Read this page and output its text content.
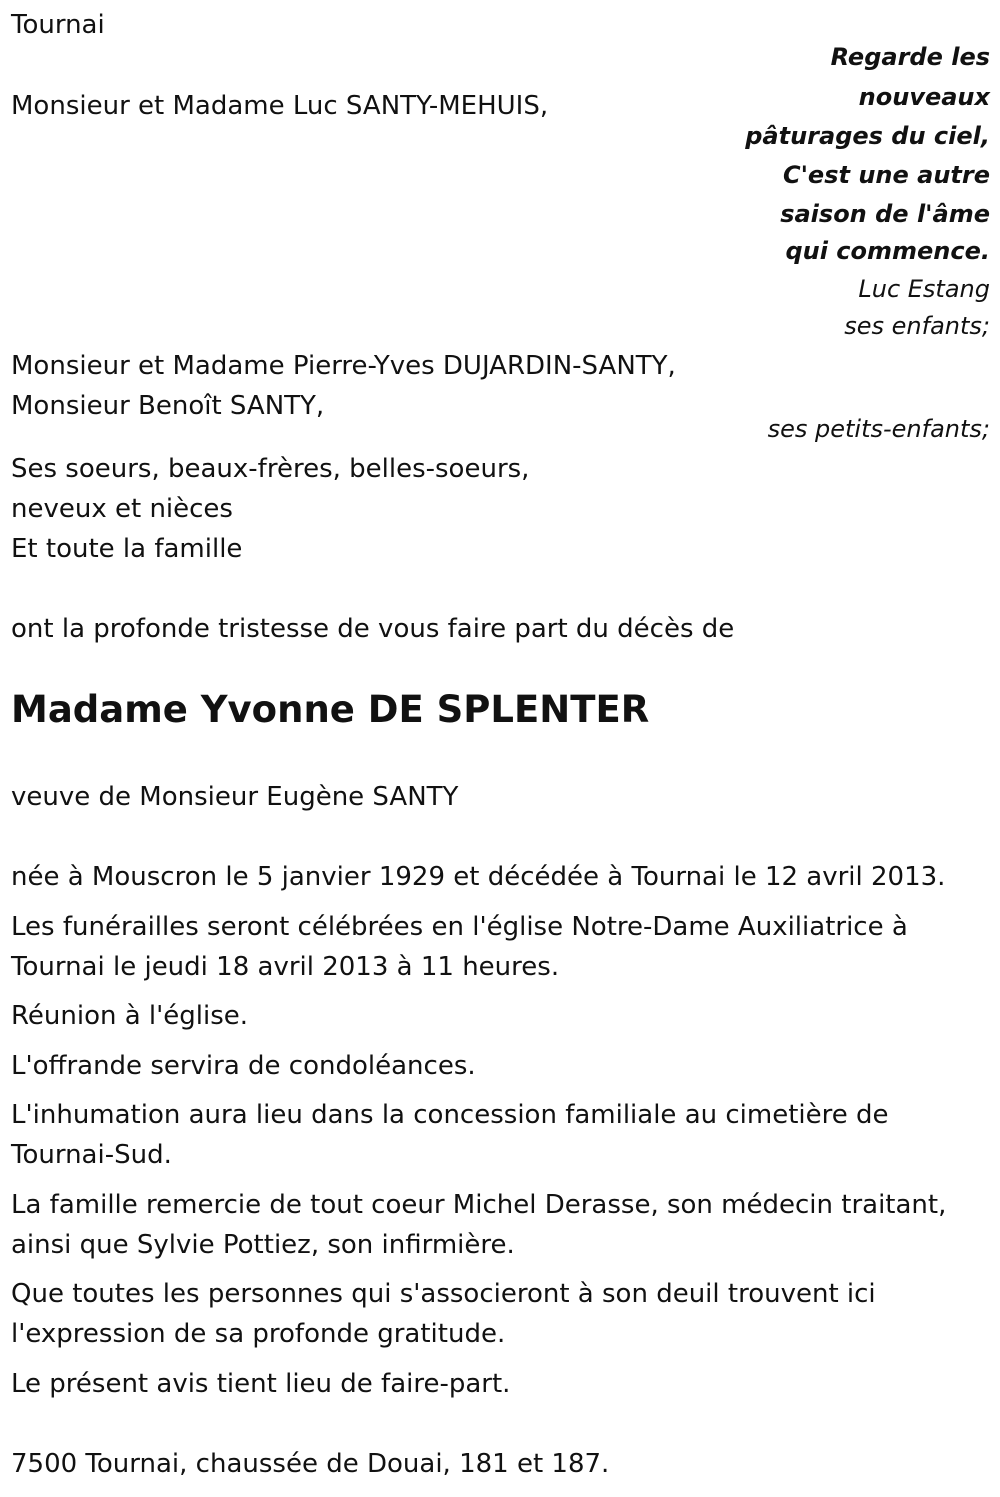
Tournai

Monsieur et Madame Luc SANTY-MEHUIS,

Regarde les

nouveaux

pâturages du ciel,

C'est une autre

saison de l'âme

qui commence.

Luc Estang

ses enfants;

Monsieur et Madame Pierre-Yves DUJARDIN-SANTY,

Monsieur Benoît SANTY,

ses petits-enfants;

Ses soeurs, beaux-frères, belles-soeurs,

neveux et nièces

Et toute la famille

ont la profonde tristesse de vous faire part du décès de

Madame Yvonne DE SPLENTER

veuve de Monsieur Eugène SANTY

née à Mouscron le 5 janvier 1929 et décédée à Tournai le 12 avril 2013.

Les funérailles seront célébrées en l'église Notre-Dame Auxiliatrice à

Tournai le jeudi 18 avril 2013 à 11 heures.

Réunion à l'église.

L'offrande servira de condoléances.

L'inhumation aura lieu dans la concession familiale au cimetière de

Tournai-Sud.

La famille remercie de tout coeur Michel Derasse, son médecin traitant,

ainsi que Sylvie Pottiez, son infirmière.

Que toutes les personnes qui s'associeront à son deuil trouvent ici

l'expression de sa profonde gratitude.

Le présent avis tient lieu de faire-part.

7500 Tournai, chaussée de Douai, 181 et 187.
